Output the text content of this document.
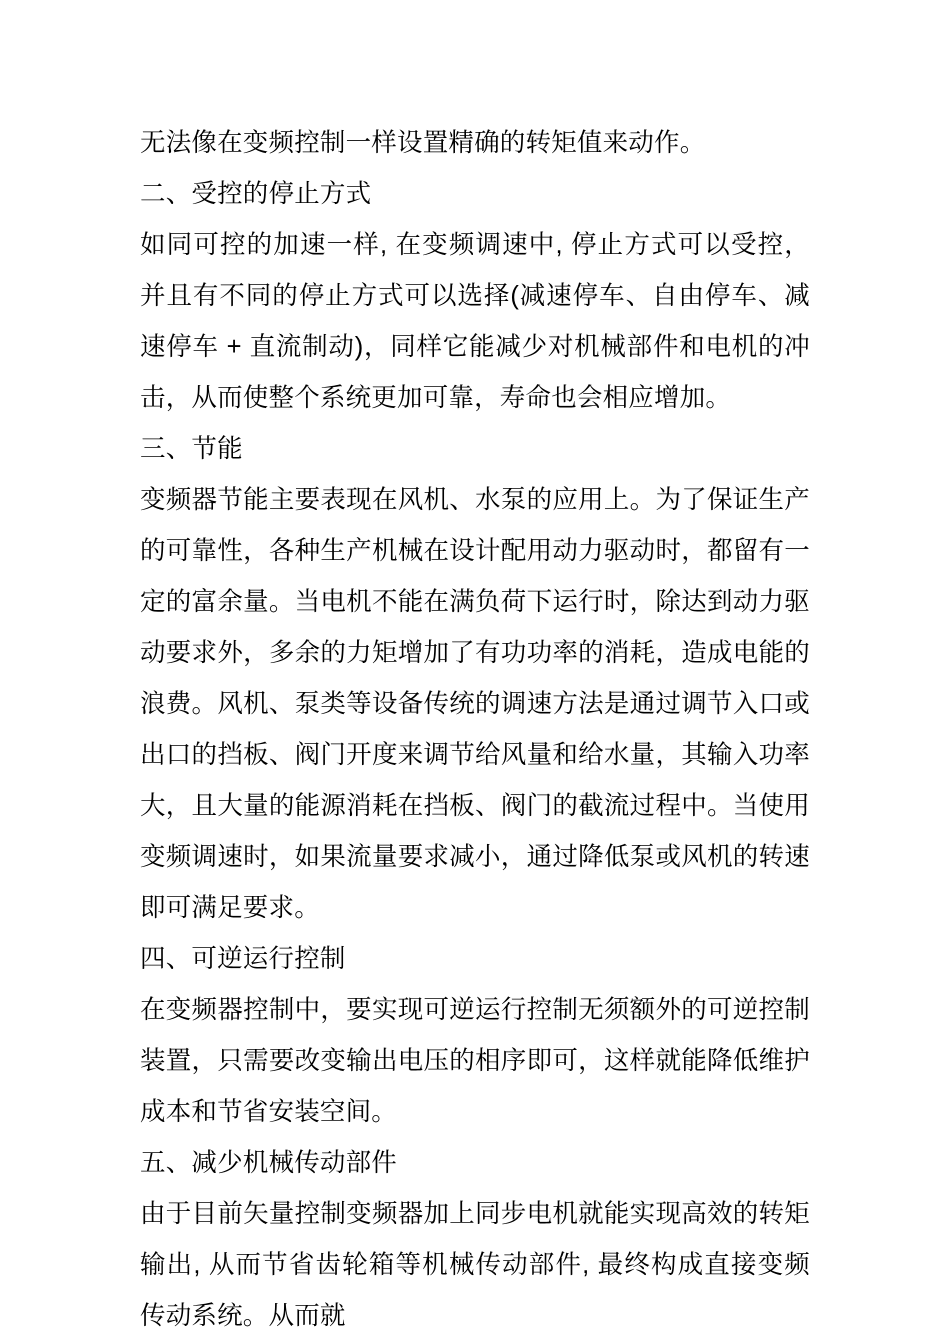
无法像在变频控制一样设置精确的转矩值来动作。

二、受控的停止方式

如同可控的加速一样, 在变频调速中, 停止方式可以受控，并且有不同的停止方式可以选择(减速停车、自由停车、减速停车 + 直流制动)，同样它能减少对机械部件和电机的冲击，从而使整个系统更加可靠，寿命也会相应增加。

三、节能

变频器节能主要表现在风机、水泵的应用上。为了保证生产的可靠性，各种生产机械在设计配用动力驱动时，都留有一定的富余量。当电机不能在满负荷下运行时，除达到动力驱动要求外，多余的力矩增加了有功功率的消耗，造成电能的浪费。风机、泵类等设备传统的调速方法是通过调节入口或出口的挡板、阀门开度来调节给风量和给水量，其输入功率大，且大量的能源消耗在挡板、阀门的截流过程中。当使用变频调速时，如果流量要求减小，通过降低泵或风机的转速即可满足要求。

四、可逆运行控制

在变频器控制中，要实现可逆运行控制无须额外的可逆控制装置，只需要改变输出电压的相序即可，这样就能降低维护成本和节省安装空间。

五、减少机械传动部件

由于目前矢量控制变频器加上同步电机就能实现高效的转矩输出, 从而节省齿轮箱等机械传动部件, 最终构成直接变频传动系统。从而就
